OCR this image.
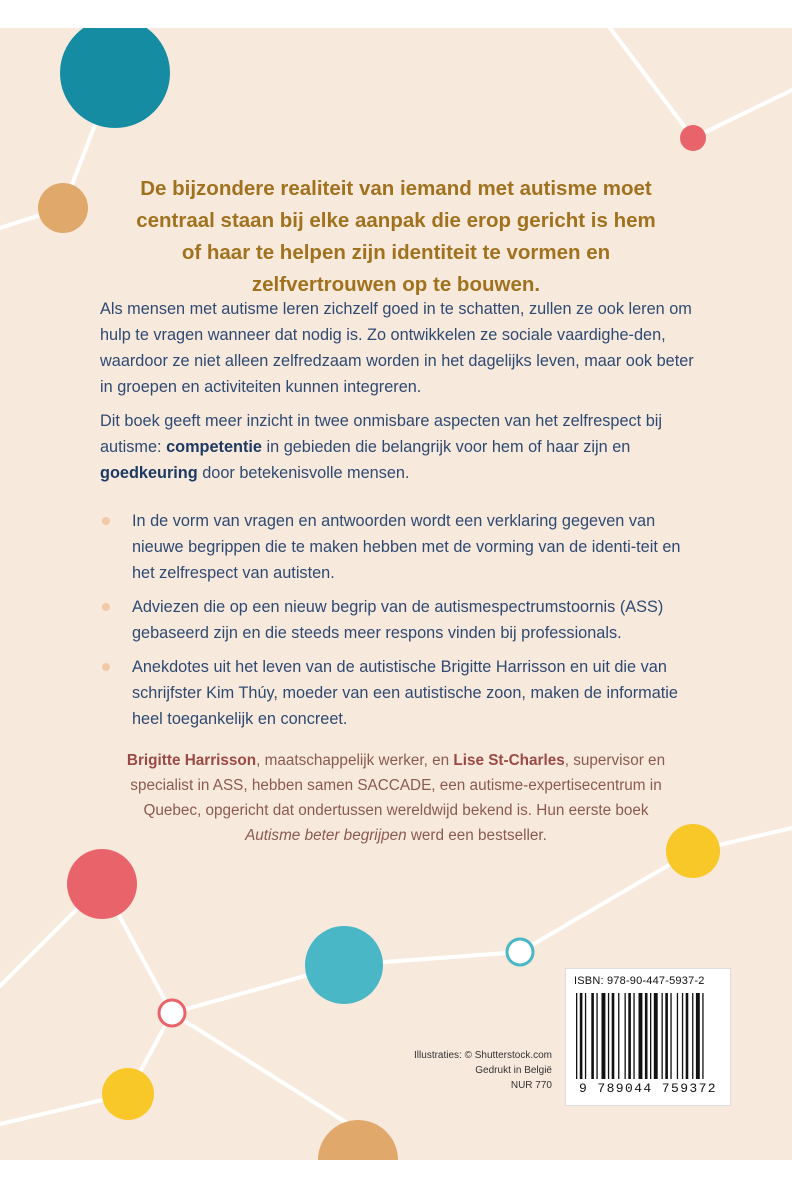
De bijzondere realiteit van iemand met autisme moet centraal staan bij elke aanpak die erop gericht is hem of haar te helpen zijn identiteit te vormen en zelfvertrouwen op te bouwen.

Als mensen met autisme leren zichzelf goed in te schatten, zullen ze ook leren om hulp te vragen wanneer dat nodig is. Zo ontwikkelen ze sociale vaardighe-den, waardoor ze niet alleen zelfredzaam worden in het dagelijks leven, maar ook beter in groepen en activiteiten kunnen integreren.

Dit boek geeft meer inzicht in twee onmisbare aspecten van het zelfrespect bij autisme: competentie in gebieden die belangrijk voor hem of haar zijn en
goedkeuring door betekenisvolle mensen.

In de vorm van vragen en antwoorden wordt een verklaring gegeven van nieuwe begrippen die te maken hebben met de vorming van de identi-teit en het zelfrespect van autisten.
Adviezen die op een nieuw begrip van de autismespectrumstoornis (ASS) gebaseerd zijn en die steeds meer respons vinden bij professionals.
Anekdotes uit het leven van de autistische Brigitte Harrisson en uit die van schrijfster Kim Thúy, moeder van een autistische zoon, maken de informatie heel toegankelijk en concreet.

Brigitte Harrisson, maatschappelijk werker, en Lise St-Charles, supervisor en specialist in ASS, hebben samen SACCADE, een autisme-expertisecentrum in Quebec, opgericht dat ondertussen wereldwijd bekend is. Hun eerste boek Autisme beter begrijpen werd een bestseller.

Illustraties: © Shutterstock.com
Gedrukt in België
NUR 770
ISBN: 978-90-447-5937-2
9 789044 759372
